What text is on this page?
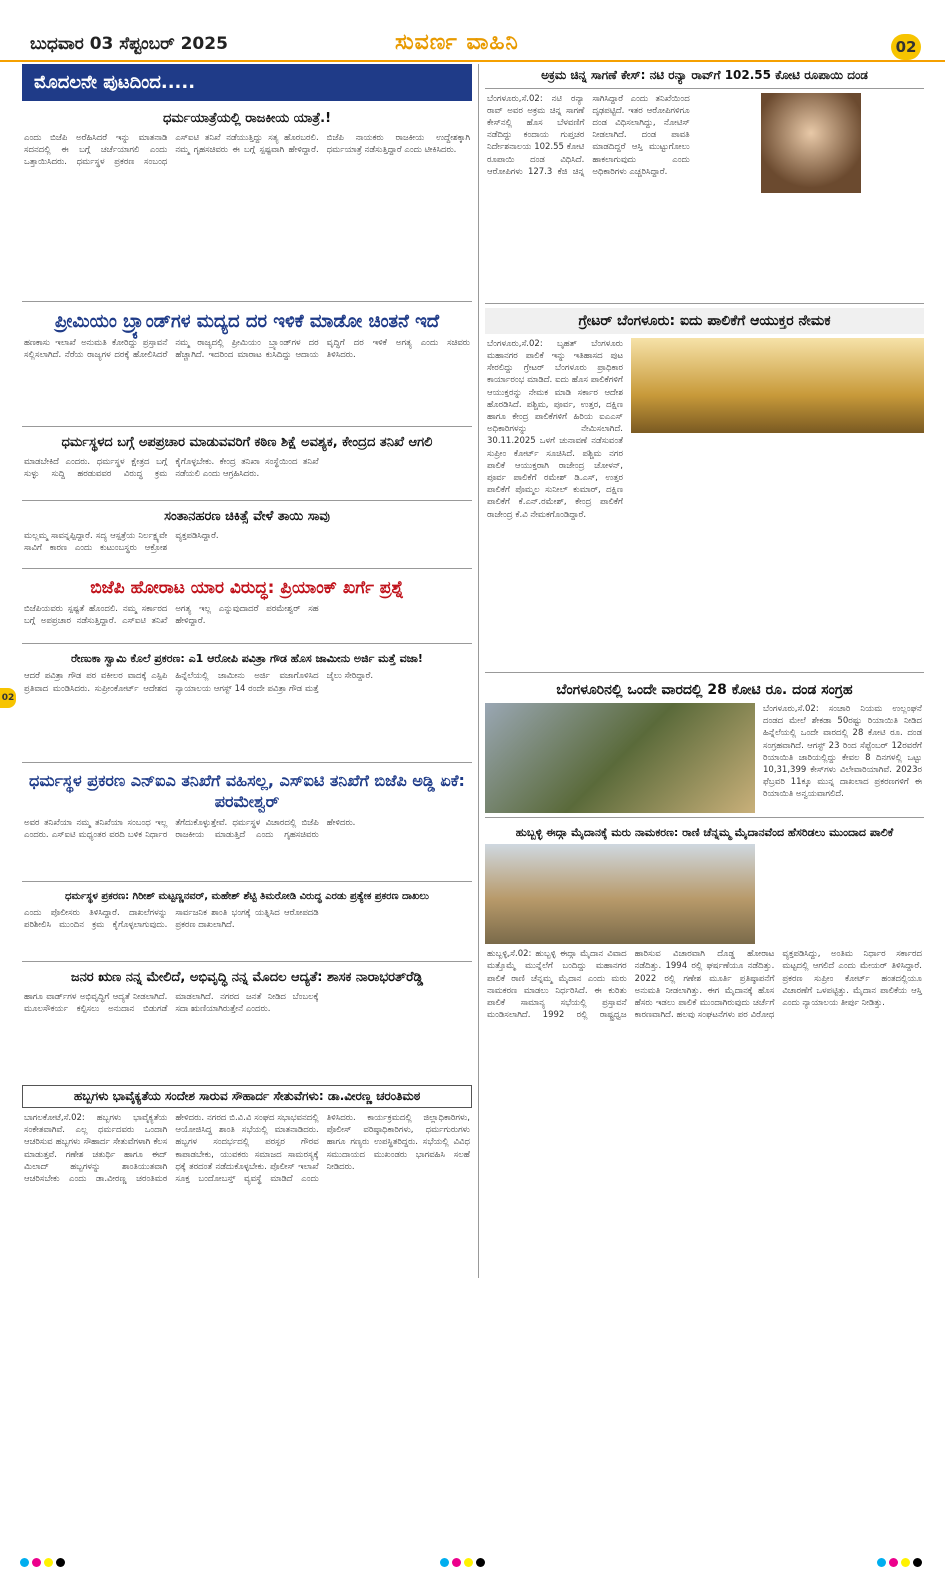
ಬುಧವಾರ 03 ಸೆಪ್ಟಂಬರ್ 2025	ಸುವರ್ಣ ವಾಹಿನಿ	02
02
ಮೊದಲನೇ ಪುಟದಿಂದ.....
ಧರ್ಮಯಾತ್ರೆಯಲ್ಲಿ ರಾಜಕೀಯ ಯಾತ್ರೆ.!
ಎಂದು ಬಿಜೆಪಿ ಅರೆಹಿಸಿದರೆ ಇನ್ನು ಮಾತನಾಡಿ ಸದನದಲ್ಲಿ ಈ ಬಗ್ಗೆ ಚರ್ಚೆಯಾಗಲಿ ಎಂದು ಒತ್ತಾಯಿಸಿದರು. ಧರ್ಮಸ್ಥಳ ಪ್ರಕರಣ ಸಂಬಂಧ ಎಸ್ಐಟಿ ತನಿಖೆ ನಡೆಯುತ್ತಿದ್ದು ಸತ್ಯ ಹೊರಬರಲಿ. ನಮ್ಮ ಗೃಹಸಚಿವರು ಈ ಬಗ್ಗೆ ಸ್ಪಷ್ಟವಾಗಿ ಹೇಳಿದ್ದಾರೆ. ಬಿಜೆಪಿ ನಾಯಕರು ರಾಜಕೀಯ ಉದ್ದೇಶಕ್ಕಾಗಿ ಧರ್ಮಯಾತ್ರೆ ನಡೆಸುತ್ತಿದ್ದಾರೆ ಎಂದು ಟೀಕಿಸಿದರು.
ಪ್ರೀಮಿಯಂ ಬ್ರ್ಯಾಂಡ್‌ಗಳ ಮದ್ಯದ ದರ ಇಳಿಕೆ ಮಾಡೋ ಚಿಂತನೆ ಇದೆ
ಹಣಕಾಸು ಇಲಾಖೆ ಅನುಮತಿ ಕೋರಿದ್ದು ಪ್ರಸ್ತಾವನೆ ಸಲ್ಲಿಸಲಾಗಿದೆ. ನೆರೆಯ ರಾಜ್ಯಗಳ ದರಕ್ಕೆ ಹೋಲಿಸಿದರೆ ನಮ್ಮ ರಾಜ್ಯದಲ್ಲಿ ಪ್ರೀಮಿಯಂ ಬ್ರ್ಯಾಂಡ್‌ಗಳ ದರ ಹೆಚ್ಚಾಗಿದೆ. ಇದರಿಂದ ಮಾರಾಟ ಕುಸಿದಿದ್ದು ಆದಾಯ ವೃದ್ಧಿಗೆ ದರ ಇಳಿಕೆ ಅಗತ್ಯ ಎಂದು ಸಚಿವರು ತಿಳಿಸಿದರು.
ಧರ್ಮಸ್ಥಳದ ಬಗ್ಗೆ ಅಪಪ್ರಚಾರ ಮಾಡುವವರಿಗೆ ಕಠಿಣ ಶಿಕ್ಷೆ ಅವಶ್ಯಕ, ಕೇಂದ್ರದ ತನಿಖೆ ಆಗಲಿ
ಮಾಡಬೇಕಿದೆ ಎಂದರು. ಧರ್ಮಸ್ಥಳ ಕ್ಷೇತ್ರದ ಬಗ್ಗೆ ಸುಳ್ಳು ಸುದ್ದಿ ಹರಡುವವರ ವಿರುದ್ಧ ಕ್ರಮ ಕೈಗೊಳ್ಳಬೇಕು. ಕೇಂದ್ರ ತನಿಖಾ ಸಂಸ್ಥೆಯಿಂದ ತನಿಖೆ ನಡೆಯಲಿ ಎಂದು ಆಗ್ರಹಿಸಿದರು.
ಸಂತಾನಹರಣ ಚಿಕಿತ್ಸೆ ವೇಳೆ ತಾಯಿ ಸಾವು
ಮಲ್ಲಮ್ಮ ಸಾವನ್ನಪ್ಪಿದ್ದಾರೆ. ಸದ್ಯ ಆಸ್ಪತ್ರೆಯ ನಿರ್ಲಕ್ಷ್ಯವೇ ಸಾವಿಗೆ ಕಾರಣ ಎಂದು ಕುಟುಂಬಸ್ಥರು ಆಕ್ರೋಶ ವ್ಯಕ್ತಪಡಿಸಿದ್ದಾರೆ.
ಬಿಜೆಪಿ ಹೋರಾಟ ಯಾರ ವಿರುದ್ಧ: ಪ್ರಿಯಾಂಕ್ ಖರ್ಗೆ ಪ್ರಶ್ನೆ
ಬಿಜೆಪಿಯವರು ಸ್ಪಷ್ಟತೆ ಹೊಂದಲಿ. ನಮ್ಮ ಸರ್ಕಾರದ ಬಗ್ಗೆ ಅಪಪ್ರಚಾರ ನಡೆಸುತ್ತಿದ್ದಾರೆ. ಎಸ್ಐಟಿ ತನಿಖೆ ಅಗತ್ಯ ಇಲ್ಲ ಎನ್ನುವುದಾದರೆ ಪರಮೇಶ್ವರ್ ಸಹ ಹೇಳಿದ್ದಾರೆ.
ರೇಣುಕಾ ಸ್ವಾಮಿ ಕೊಲೆ ಪ್ರಕರಣ: ಎ1 ಆರೋಪಿ ಪವಿತ್ರಾ ಗೌಡ ಹೊಸ ಜಾಮೀನು ಅರ್ಜಿ ಮತ್ತೆ ವಜಾ!
ಆದರೆ ಪವಿತ್ರಾ ಗೌಡ ಪರ ವಕೀಲರ ವಾದಕ್ಕೆ ಎಸ್ಪಿಪಿ ಪ್ರತಿವಾದ ಮಂಡಿಸಿದರು. ಸುಪ್ರೀಂಕೋರ್ಟ್ ಆದೇಶದ ಹಿನ್ನೆಲೆಯಲ್ಲಿ ಜಾಮೀನು ಅರ್ಜಿ ವಜಾಗೊಳಿಸಿದ ನ್ಯಾಯಾಲಯ ಆಗಸ್ಟ್ 14 ರಂದೇ ಪವಿತ್ರಾ ಗೌಡ ಮತ್ತೆ ಜೈಲು ಸೇರಿದ್ದಾರೆ.
ಧರ್ಮಸ್ಥಳ ಪ್ರಕರಣ ಎನ್ಐಎ ತನಿಖೆಗೆ ವಹಿಸಲ್ಲ, ಎಸ್ಐಟಿ ತನಿಖೆಗೆ ಬಿಜೆಪಿ ಅಡ್ಡಿ ಏಕೆ: ಪರಮೇಶ್ವರ್
ಅವರ ತನಿಖೆಯಾ ನಮ್ಮ ತನಿಖೆಯಾ ಸಂಬಂಧ ಇಲ್ಲ ಎಂದರು. ಎಸ್ಐಟಿ ಮಧ್ಯಂತರ ವರದಿ ಬಳಿಕ ನಿರ್ಧಾರ ತೆಗೆದುಕೊಳ್ಳುತ್ತೇವೆ. ಧರ್ಮಸ್ಥಳ ವಿಚಾರದಲ್ಲಿ ಬಿಜೆಪಿ ರಾಜಕೀಯ ಮಾಡುತ್ತಿದೆ ಎಂದು ಗೃಹಸಚಿವರು ಹೇಳಿದರು.
ಧರ್ಮಸ್ಥಳ ಪ್ರಕರಣ: ಗಿರೀಶ್ ಮಟ್ಟಣ್ಣನವರ್, ಮಹೇಶ್ ಶೆಟ್ಟಿ ತಿಮರೋಡಿ ವಿರುದ್ಧ ಎರಡು ಪ್ರತ್ಯೇಕ ಪ್ರಕರಣ ದಾಖಲು
ಎಂದು ಪೊಲೀಸರು ತಿಳಿಸಿದ್ದಾರೆ. ದಾಖಲೆಗಳನ್ನು ಪರಿಶೀಲಿಸಿ ಮುಂದಿನ ಕ್ರಮ ಕೈಗೊಳ್ಳಲಾಗುವುದು. ಸಾರ್ವಜನಿಕ ಶಾಂತಿ ಭಂಗಕ್ಕೆ ಯತ್ನಿಸಿದ ಆರೋಪದಡಿ ಪ್ರಕರಣ ದಾಖಲಾಗಿದೆ.
ಜನರ ಋಣ ನನ್ನ ಮೇಲಿದೆ, ಅಭಿವೃದ್ಧಿ ನನ್ನ ಮೊದಲ ಆದ್ಯತೆ: ಶಾಸಕ ನಾರಾಭರತ್‌ರೆಡ್ಡಿ
ಹಾಗೂ ವಾರ್ಡ್‌ಗಳ ಅಭಿವೃದ್ಧಿಗೆ ಆದ್ಯತೆ ನೀಡಲಾಗಿದೆ. ಮೂಲಸೌಕರ್ಯ ಕಲ್ಪಿಸಲು ಅನುದಾನ ಬಿಡುಗಡೆ ಮಾಡಲಾಗಿದೆ. ನಗರದ ಜನತೆ ನೀಡಿದ ಬೆಂಬಲಕ್ಕೆ ಸದಾ ಋಣಿಯಾಗಿರುತ್ತೇನೆ ಎಂದರು.
ಹಬ್ಬಗಳು ಭಾವೈಕ್ಯತೆಯ ಸಂದೇಶ ಸಾರುವ ಸೌಹಾರ್ದ ಸೇತುವೆಗಳು: ಡಾ.ವೀರಣ್ಣ ಚರಂತಿಮಠ
ಬಾಗಲಕೋಟೆ,ಸೆ.02: ಹಬ್ಬಗಳು ಭಾವೈಕ್ಯತೆಯ ಸಂಕೇತವಾಗಿವೆ. ಎಲ್ಲ ಧರ್ಮದವರು ಒಂದಾಗಿ ಆಚರಿಸುವ ಹಬ್ಬಗಳು ಸೌಹಾರ್ದ ಸೇತುವೆಗಳಾಗಿ ಕೆಲಸ ಮಾಡುತ್ತವೆ. ಗಣೇಶ ಚತುರ್ಥಿ ಹಾಗೂ ಈದ್ ಮಿಲಾದ್ ಹಬ್ಬಗಳನ್ನು ಶಾಂತಿಯುತವಾಗಿ ಆಚರಿಸಬೇಕು ಎಂದು ಡಾ.ವೀರಣ್ಣ ಚರಂತಿಮಠ ಹೇಳಿದರು. ನಗರದ ಬಿ.ವಿ.ವಿ ಸಂಘದ ಸಭಾಭವನದಲ್ಲಿ ಆಯೋಜಿಸಿದ್ದ ಶಾಂತಿ ಸಭೆಯಲ್ಲಿ ಮಾತನಾಡಿದರು. ಹಬ್ಬಗಳ ಸಂದರ್ಭದಲ್ಲಿ ಪರಸ್ಪರ ಗೌರವ ಕಾಪಾಡಬೇಕು, ಯುವಕರು ಸಮಾಜದ ಸಾಮರಸ್ಯಕ್ಕೆ ಧಕ್ಕೆ ತರದಂತೆ ನಡೆದುಕೊಳ್ಳಬೇಕು. ಪೊಲೀಸ್ ಇಲಾಖೆ ಸೂಕ್ತ ಬಂದೋಬಸ್ತ್ ವ್ಯವಸ್ಥೆ ಮಾಡಿದೆ ಎಂದು ತಿಳಿಸಿದರು. ಕಾರ್ಯಕ್ರಮದಲ್ಲಿ ಜಿಲ್ಲಾಧಿಕಾರಿಗಳು, ಪೊಲೀಸ್ ವರಿಷ್ಠಾಧಿಕಾರಿಗಳು, ಧರ್ಮಗುರುಗಳು ಹಾಗೂ ಗಣ್ಯರು ಉಪಸ್ಥಿತರಿದ್ದರು. ಸಭೆಯಲ್ಲಿ ವಿವಿಧ ಸಮುದಾಯದ ಮುಖಂಡರು ಭಾಗವಹಿಸಿ ಸಲಹೆ ನೀಡಿದರು.
ಅಕ್ರಮ ಚಿನ್ನ ಸಾಗಣೆ ಕೇಸ್: ನಟಿ ರನ್ಯಾ ರಾವ್‌ಗೆ 102.55 ಕೋಟಿ ರೂಪಾಯಿ ದಂಡ
ಬೆಂಗಳೂರು,ಸೆ.02: ನಟಿ ರನ್ಯಾ ರಾವ್ ಅವರ ಅಕ್ರಮ ಚಿನ್ನ ಸಾಗಣೆ ಕೇಸ್‌ನಲ್ಲಿ ಹೊಸ ಬೆಳವಣಿಗೆ ನಡೆದಿದ್ದು ಕಂದಾಯ ಗುಪ್ತಚರ ನಿರ್ದೇಶನಾಲಯ 102.55 ಕೋಟಿ ರೂಪಾಯಿ ದಂಡ ವಿಧಿಸಿದೆ. ಆರೋಪಿಗಳು 127.3 ಕೆಜಿ ಚಿನ್ನ ಸಾಗಿಸಿದ್ದಾರೆ ಎಂದು ತನಿಖೆಯಿಂದ ದೃಢಪಟ್ಟಿದೆ. ಇತರ ಆರೋಪಿಗಳಿಗೂ ದಂಡ ವಿಧಿಸಲಾಗಿದ್ದು, ನೋಟಿಸ್ ನೀಡಲಾಗಿದೆ. ದಂಡ ಪಾವತಿ ಮಾಡದಿದ್ದರೆ ಆಸ್ತಿ ಮುಟ್ಟುಗೋಲು ಹಾಕಲಾಗುವುದು ಎಂದು ಅಧಿಕಾರಿಗಳು ಎಚ್ಚರಿಸಿದ್ದಾರೆ.
ಗ್ರೇಟರ್ ಬೆಂಗಳೂರು: ಐದು ಪಾಲಿಕೆಗೆ ಆಯುಕ್ತರ ನೇಮಕ
ಬೆಂಗಳೂರು,ಸೆ.02: ಬೃಹತ್ ಬೆಂಗಳೂರು ಮಹಾನಗರ ಪಾಲಿಕೆ ಇನ್ನು ಇತಿಹಾಸದ ಪುಟ ಸೇರಲಿದ್ದು ಗ್ರೇಟರ್ ಬೆಂಗಳೂರು ಪ್ರಾಧಿಕಾರ ಕಾರ್ಯಾರಂಭ ಮಾಡಿದೆ. ಐದು ಹೊಸ ಪಾಲಿಕೆಗಳಿಗೆ ಆಯುಕ್ತರನ್ನು ನೇಮಕ ಮಾಡಿ ಸರ್ಕಾರ ಆದೇಶ ಹೊರಡಿಸಿದೆ. ಪಶ್ಚಿಮ, ಪೂರ್ವ, ಉತ್ತರ, ದಕ್ಷಿಣ ಹಾಗೂ ಕೇಂದ್ರ ಪಾಲಿಕೆಗಳಿಗೆ ಹಿರಿಯ ಐಎಎಸ್ ಅಧಿಕಾರಿಗಳನ್ನು ನೇಮಿಸಲಾಗಿದೆ. 30.11.2025 ಒಳಗೆ ಚುನಾವಣೆ ನಡೆಸುವಂತೆ ಸುಪ್ರೀಂ ಕೋರ್ಟ್ ಸೂಚಿಸಿದೆ. ಪಶ್ಚಿಮ ನಗರ ಪಾಲಿಕೆ ಆಯುಕ್ತರಾಗಿ ರಾಜೇಂದ್ರ ಚೋಳನ್, ಪೂರ್ವ ಪಾಲಿಕೆಗೆ ರಮೇಶ್ ಡಿ.ಎಸ್, ಉತ್ತರ ಪಾಲಿಕೆಗೆ ಪೊಮ್ಮಲ ಸುನೀಲ್ ಕುಮಾರ್, ದಕ್ಷಿಣ ಪಾಲಿಕೆಗೆ ಕೆ.ಎನ್.ರಮೇಶ್, ಕೇಂದ್ರ ಪಾಲಿಕೆಗೆ ರಾಜೇಂದ್ರ ಕೆ.ವಿ ನೇಮಕಗೊಂಡಿದ್ದಾರೆ.
ಬೆಂಗಳೂರಿನಲ್ಲಿ ಒಂದೇ ವಾರದಲ್ಲಿ 28 ಕೋಟಿ ರೂ. ದಂಡ ಸಂಗ್ರಹ
ಬೆಂಗಳೂರು,ಸೆ.02: ಸಂಚಾರಿ ನಿಯಮ ಉಲ್ಲಂಘನೆ ದಂಡದ ಮೇಲೆ ಶೇಕಡಾ 50ರಷ್ಟು ರಿಯಾಯಿತಿ ನೀಡಿದ ಹಿನ್ನೆಲೆಯಲ್ಲಿ ಒಂದೇ ವಾರದಲ್ಲಿ 28 ಕೋಟಿ ರೂ. ದಂಡ ಸಂಗ್ರಹವಾಗಿದೆ. ಆಗಸ್ಟ್ 23 ರಿಂದ ಸೆಪ್ಟೆಂಬರ್ 12ರವರೆಗೆ ರಿಯಾಯಿತಿ ಜಾರಿಯಲ್ಲಿದ್ದು ಕೇವಲ 8 ದಿನಗಳಲ್ಲಿ ಒಟ್ಟು 10,31,399 ಕೇಸ್‌ಗಳು ವಿಲೇವಾರಿಯಾಗಿವೆ. 2023ರ ಫೆಬ್ರವರಿ 11ಕ್ಕೂ ಮುನ್ನ ದಾಖಲಾದ ಪ್ರಕರಣಗಳಿಗೆ ಈ ರಿಯಾಯಿತಿ ಅನ್ವಯವಾಗಲಿದೆ.
ಹುಬ್ಬಳ್ಳಿ ಈದ್ಗಾ ಮೈದಾನಕ್ಕೆ ಮರು ನಾಮಕರಣ: ರಾಣಿ ಚೆನ್ನಮ್ಮ ಮೈದಾನವೆಂದ ಹೆಸರಿಡಲು ಮುಂದಾದ ಪಾಲಿಕೆ
ಹುಬ್ಬಳ್ಳಿ,ಸೆ.02: ಹುಬ್ಬಳ್ಳಿ ಈದ್ಗಾ ಮೈದಾನ ವಿವಾದ ಮತ್ತೊಮ್ಮೆ ಮುನ್ನೆಲೆಗೆ ಬಂದಿದ್ದು ಮಹಾನಗರ ಪಾಲಿಕೆ ರಾಣಿ ಚೆನ್ನಮ್ಮ ಮೈದಾನ ಎಂದು ಮರು ನಾಮಕರಣ ಮಾಡಲು ನಿರ್ಧರಿಸಿದೆ. ಈ ಕುರಿತು ಪಾಲಿಕೆ ಸಾಮಾನ್ಯ ಸಭೆಯಲ್ಲಿ ಪ್ರಸ್ತಾವನೆ ಮಂಡಿಸಲಾಗಿದೆ. 1992 ರಲ್ಲಿ ರಾಷ್ಟ್ರಧ್ವಜ ಹಾರಿಸುವ ವಿಚಾರವಾಗಿ ದೊಡ್ಡ ಹೋರಾಟ ನಡೆದಿತ್ತು. 1994 ರಲ್ಲಿ ಘರ್ಷಣೆಯೂ ನಡೆದಿತ್ತು. 2022 ರಲ್ಲಿ ಗಣೇಶ ಮೂರ್ತಿ ಪ್ರತಿಷ್ಠಾಪನೆಗೆ ಅನುಮತಿ ನೀಡಲಾಗಿತ್ತು. ಈಗ ಮೈದಾನಕ್ಕೆ ಹೊಸ ಹೆಸರು ಇಡಲು ಪಾಲಿಕೆ ಮುಂದಾಗಿರುವುದು ಚರ್ಚೆಗೆ ಕಾರಣವಾಗಿದೆ. ಹಲವು ಸಂಘಟನೆಗಳು ಪರ ವಿರೋಧ ವ್ಯಕ್ತಪಡಿಸಿದ್ದು, ಅಂತಿಮ ನಿರ್ಧಾರ ಸರ್ಕಾರದ ಮಟ್ಟದಲ್ಲಿ ಆಗಲಿದೆ ಎಂದು ಮೇಯರ್ ತಿಳಿಸಿದ್ದಾರೆ. ಪ್ರಕರಣ ಸುಪ್ರೀಂ ಕೋರ್ಟ್ ಹಂತದಲ್ಲಿಯೂ ವಿಚಾರಣೆಗೆ ಒಳಪಟ್ಟಿತ್ತು. ಮೈದಾನ ಪಾಲಿಕೆಯ ಆಸ್ತಿ ಎಂದು ನ್ಯಾಯಾಲಯ ತೀರ್ಪು ನೀಡಿತ್ತು.
